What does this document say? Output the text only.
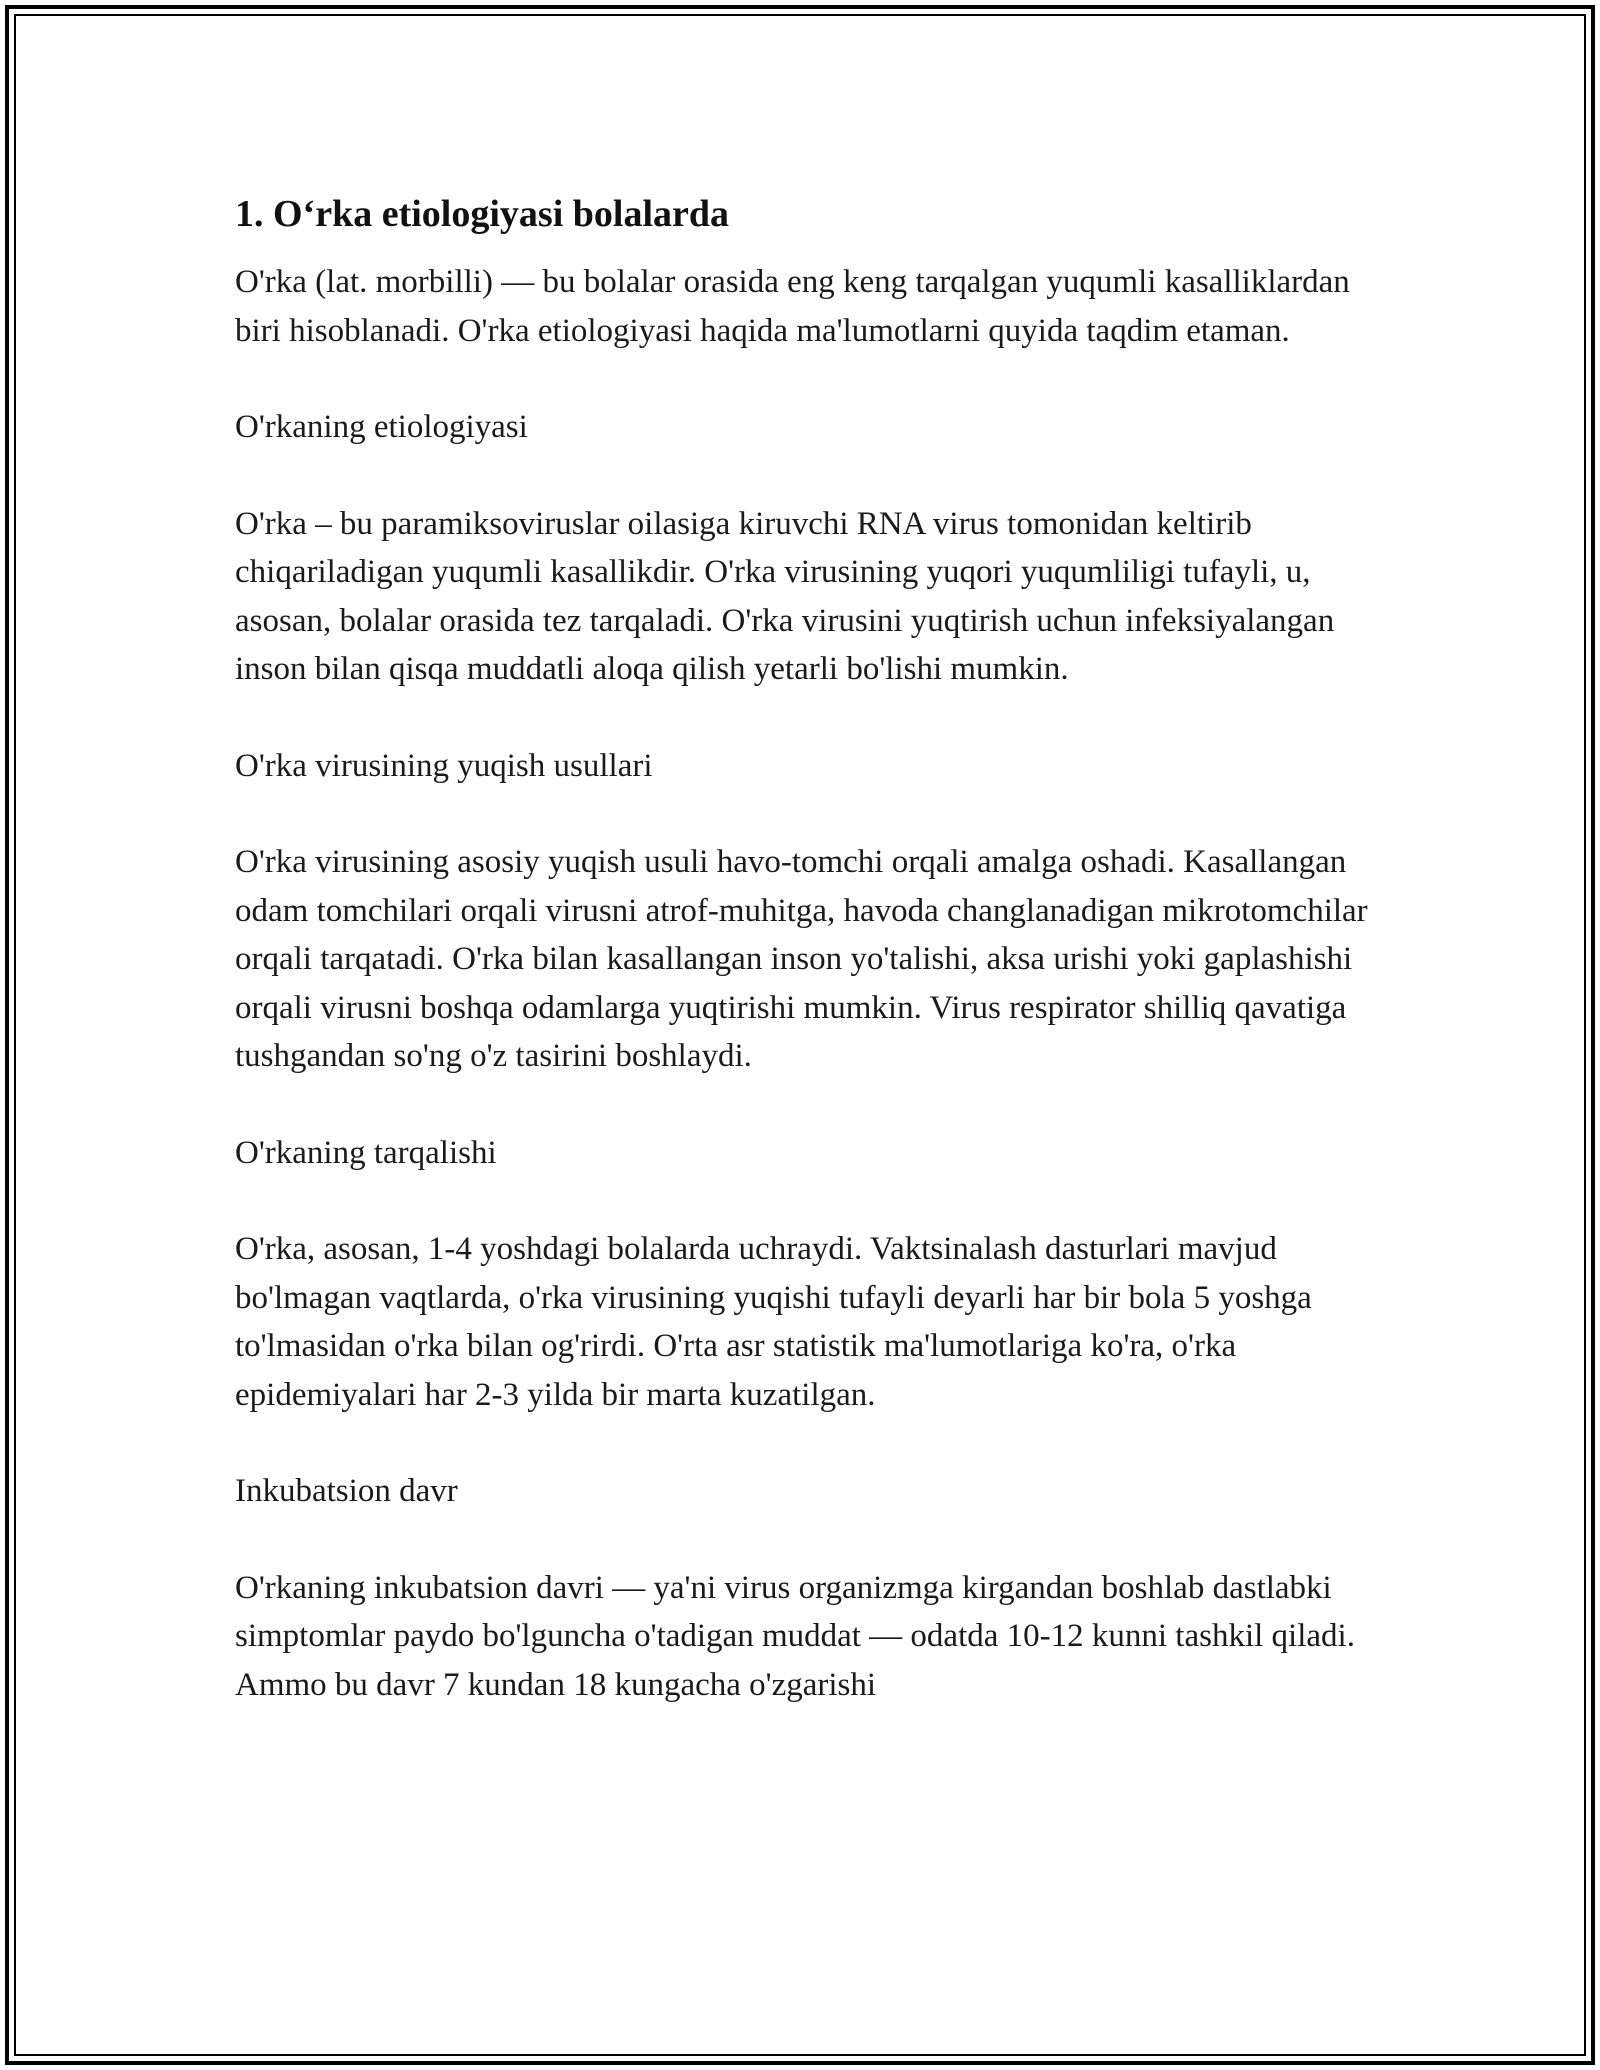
1. O‘rka etiologiyasi bolalarda

O'rka (lat. morbilli) — bu bolalar orasida eng keng tarqalgan yuqumli kasalliklardan biri hisoblanadi. O'rka etiologiyasi haqida ma'lumotlarni quyida taqdim etaman.

O'rkaning etiologiyasi

O'rka – bu paramiksoviruslar oilasiga kiruvchi RNA virus tomonidan keltirib chiqariladigan yuqumli kasallikdir. O'rka virusining yuqori yuqumliligi tufayli, u, asosan, bolalar orasida tez tarqaladi. O'rka virusini yuqtirish uchun infeksiyalangan inson bilan qisqa muddatli aloqa qilish yetarli bo'lishi mumkin.

O'rka virusining yuqish usullari

O'rka virusining asosiy yuqish usuli havo-tomchi orqali amalga oshadi. Kasallangan odam tomchilari orqali virusni atrof-muhitga, havoda changlanadigan mikrotomchilar orqali tarqatadi. O'rka bilan kasallangan inson yo'talishi, aksa urishi yoki gaplashishi orqali virusni boshqa odamlarga yuqtirishi mumkin. Virus respirator shilliq qavatiga tushgandan so'ng o'z tasirini boshlaydi.

O'rkaning tarqalishi

O'rka, asosan, 1-4 yoshdagi bolalarda uchraydi. Vaktsinalash dasturlari mavjud bo'lmagan vaqtlarda, o'rka virusining yuqishi tufayli deyarli har bir bola 5 yoshga to'lmasidan o'rka bilan og'rirdi. O'rta asr statistik ma'lumotlariga ko'ra, o'rka epidemiyalari har 2-3 yilda bir marta kuzatilgan.

Inkubatsion davr

O'rkaning inkubatsion davri — ya'ni virus organizmga kirgandan boshlab dastlabki simptomlar paydo bo'lguncha o'tadigan muddat — odatda 10-12 kunni tashkil qiladi. Ammo bu davr 7 kundan 18 kungacha o'zgarishi
